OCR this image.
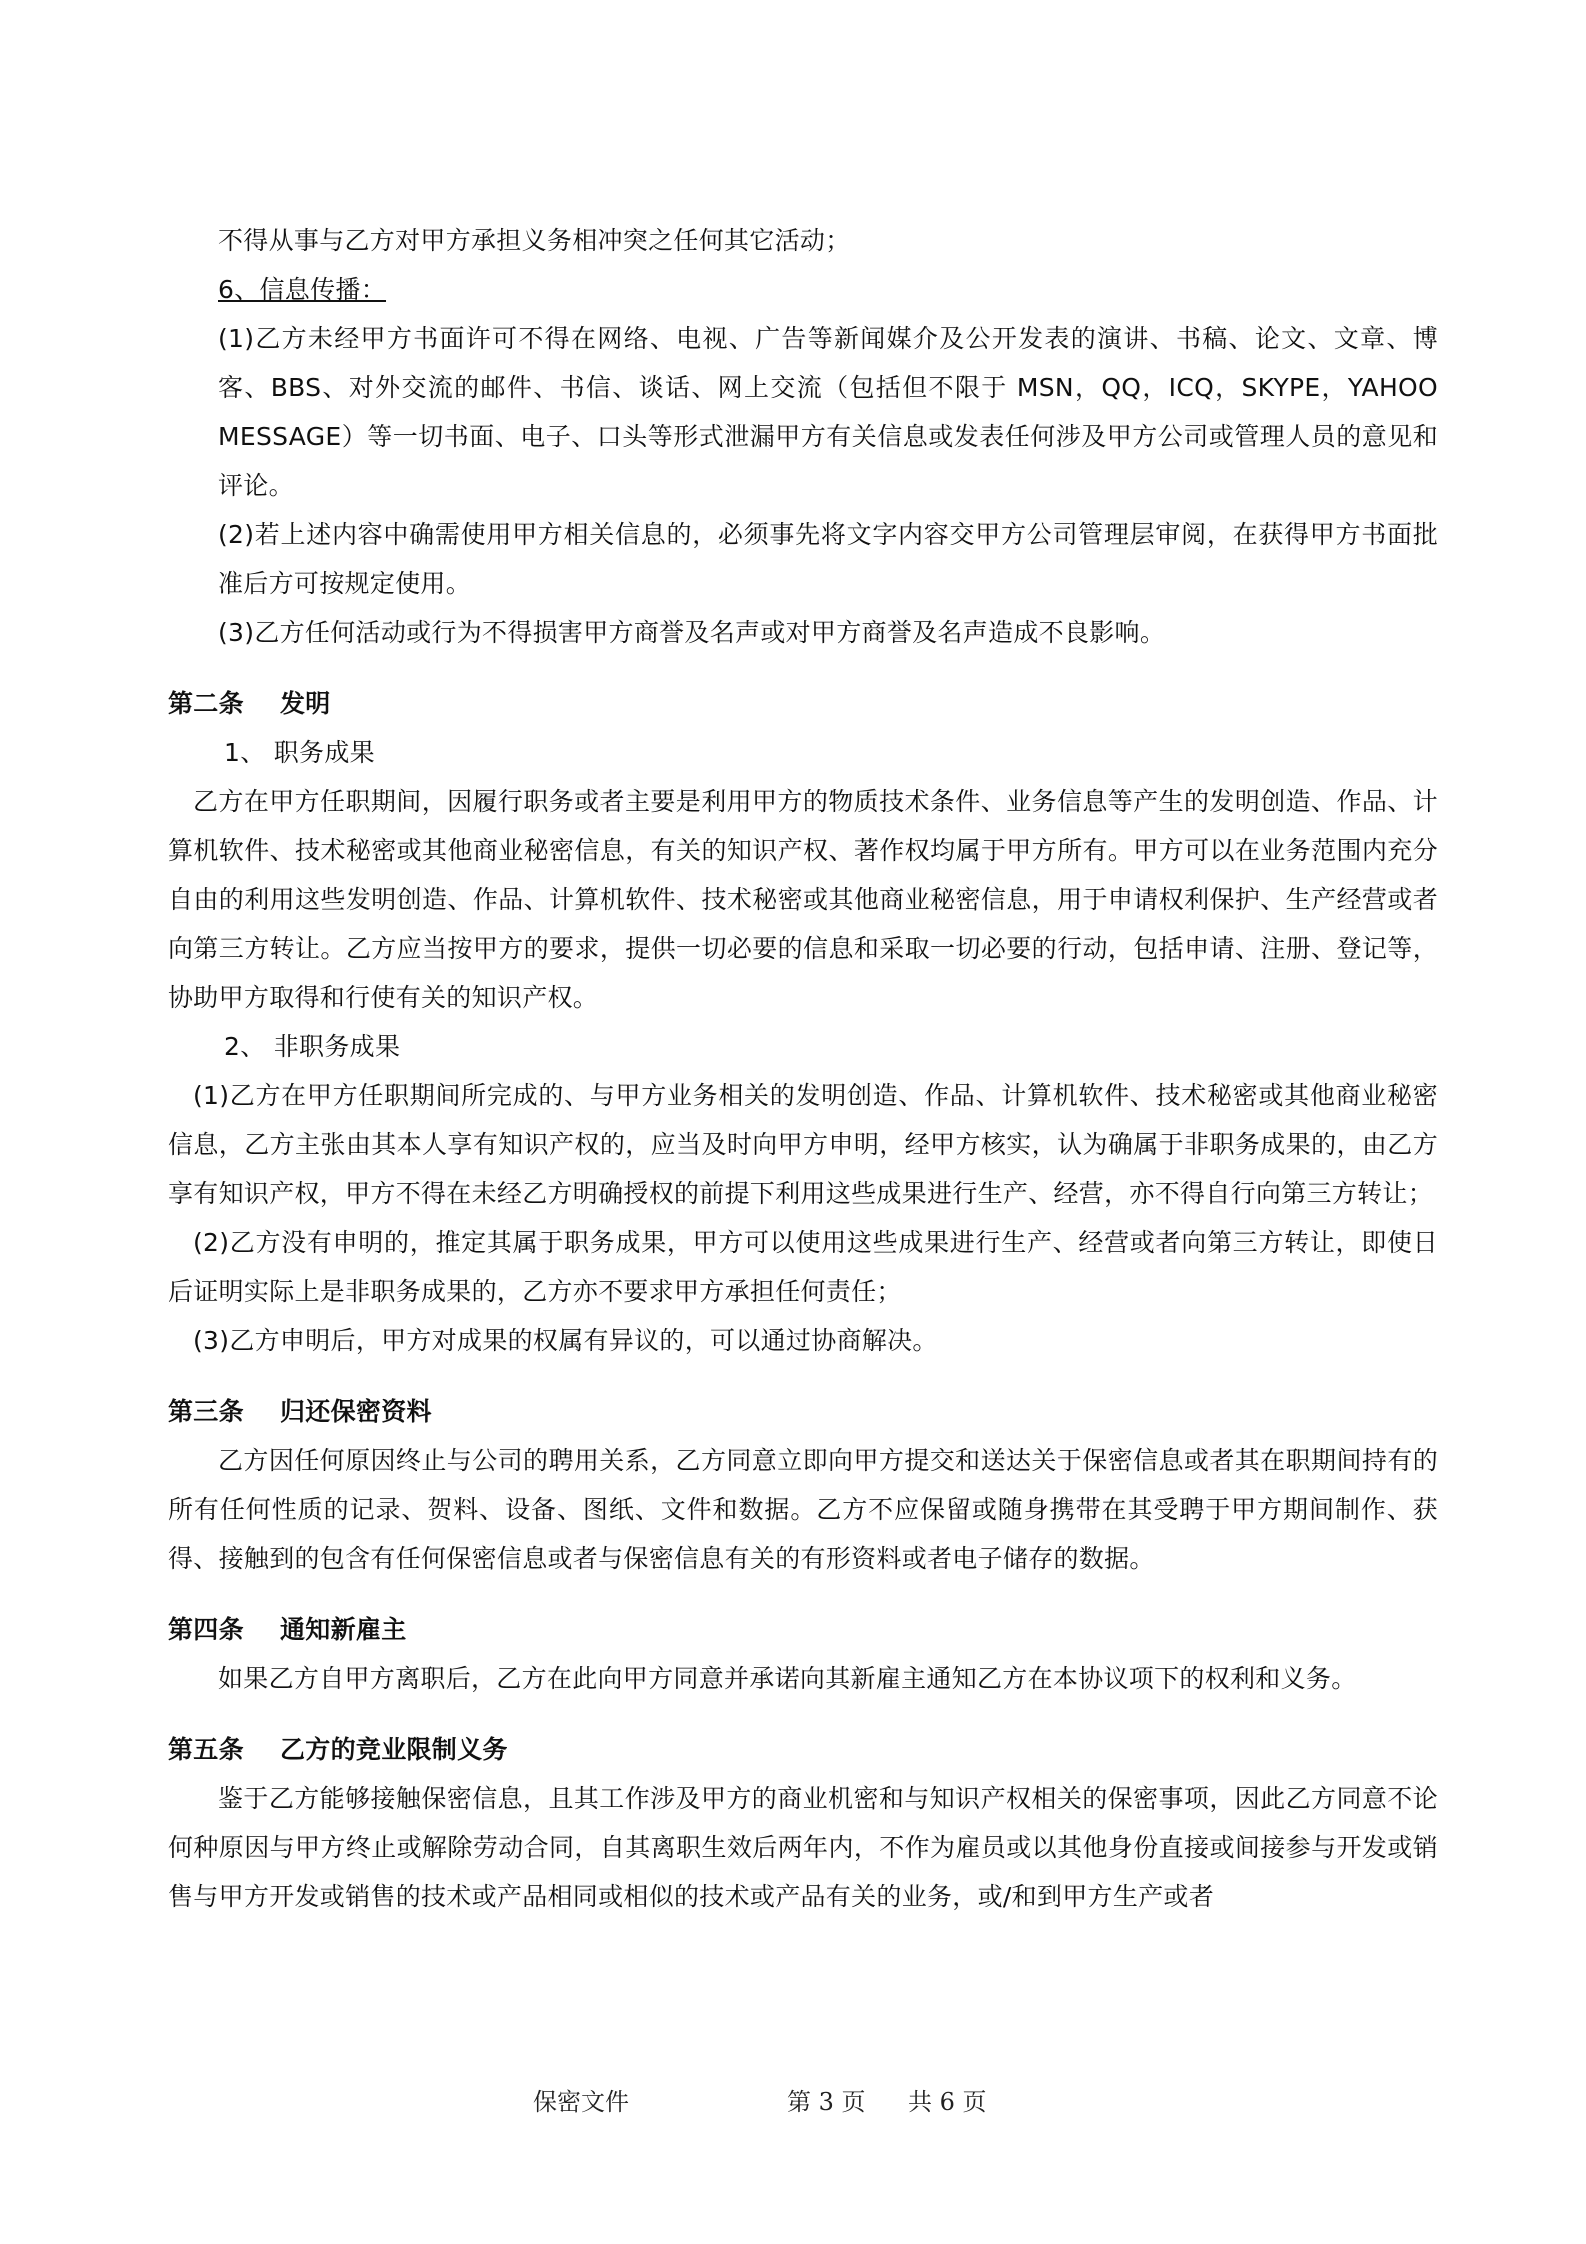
不得从事与乙方对甲方承担义务相冲突之任何其它活动；

6、信息传播：

(1)乙方未经甲方书面许可不得在网络、电视、广告等新闻媒介及公开发表的演讲、书稿、论文、文章、博客、BBS、对外交流的邮件、书信、谈话、网上交流（包括但不限于 MSN，QQ，ICQ，SKYPE，YAHOO MESSAGE）等一切书面、电子、口头等形式泄漏甲方有关信息或发表任何涉及甲方公司或管理人员的意见和评论。

(2)若上述内容中确需使用甲方相关信息的，必须事先将文字内容交甲方公司管理层审阅，在获得甲方书面批准后方可按规定使用。

(3)乙方任何活动或行为不得损害甲方商誉及名声或对甲方商誉及名声造成不良影响。

第二条 发明

1、 职务成果

乙方在甲方任职期间，因履行职务或者主要是利用甲方的物质技术条件、业务信息等产生的发明创造、作品、计算机软件、技术秘密或其他商业秘密信息，有关的知识产权、著作权均属于甲方所有。甲方可以在业务范围内充分自由的利用这些发明创造、作品、计算机软件、技术秘密或其他商业秘密信息，用于申请权利保护、生产经营或者向第三方转让。乙方应当按甲方的要求，提供一切必要的信息和采取一切必要的行动，包括申请、注册、登记等，协助甲方取得和行使有关的知识产权。

2、 非职务成果

(1)乙方在甲方任职期间所完成的、与甲方业务相关的发明创造、作品、计算机软件、技术秘密或其他商业秘密信息，乙方主张由其本人享有知识产权的，应当及时向甲方申明，经甲方核实，认为确属于非职务成果的，由乙方享有知识产权，甲方不得在未经乙方明确授权的前提下利用这些成果进行生产、经营，亦不得自行向第三方转让；

(2)乙方没有申明的，推定其属于职务成果，甲方可以使用这些成果进行生产、经营或者向第三方转让，即使日后证明实际上是非职务成果的，乙方亦不要求甲方承担任何责任；

(3)乙方申明后，甲方对成果的权属有异议的，可以通过协商解决。

第三条 归还保密资料

乙方因任何原因终止与公司的聘用关系，乙方同意立即向甲方提交和送达关于保密信息或者其在职期间持有的所有任何性质的记录、贺料、设备、图纸、文件和数据。乙方不应保留或随身携带在其受聘于甲方期间制作、获得、接触到的包含有任何保密信息或者与保密信息有关的有形资料或者电子储存的数据。

第四条 通知新雇主

如果乙方自甲方离职后，乙方在此向甲方同意并承诺向其新雇主通知乙方在本协议项下的权利和义务。

第五条 乙方的竞业限制义务

鉴于乙方能够接触保密信息，且其工作涉及甲方的商业机密和与知识产权相关的保密事项，因此乙方同意不论何种原因与甲方终止或解除劳动合同，自其离职生效后两年内，不作为雇员或以其他身份直接或间接参与开发或销售与甲方开发或销售的技术或产品相同或相似的技术或产品有关的业务，或/和到甲方生产或者

保密文件	第 3 页 共 6 页
